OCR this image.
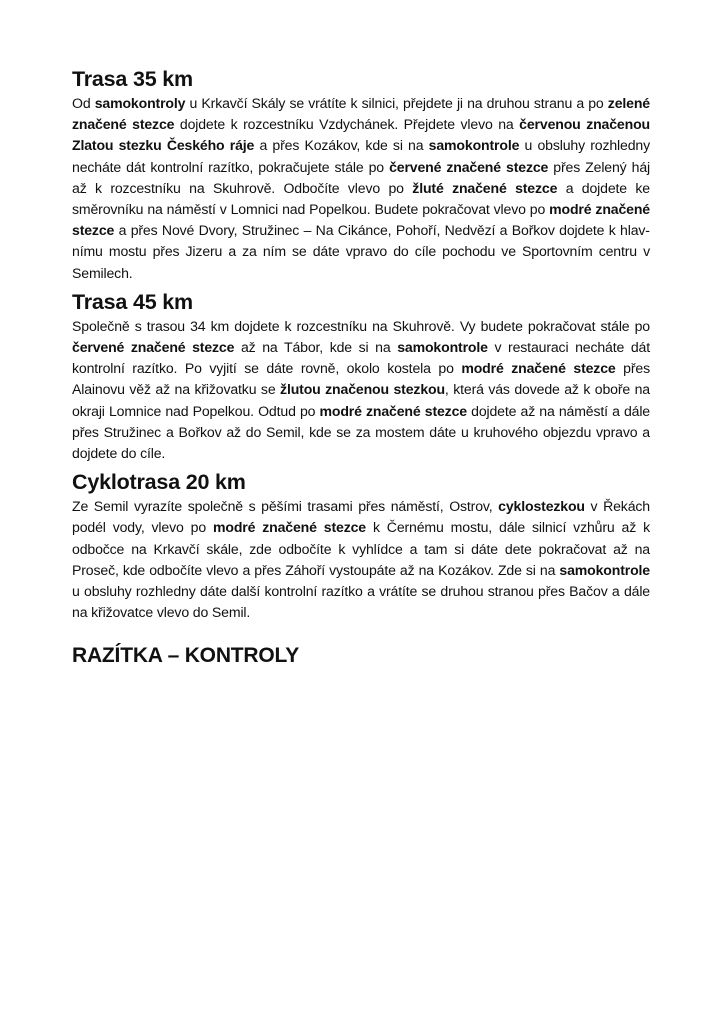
Trasa 35 km

Od samokontroly u Krkavčí Skály se vrátíte k silnici, přejdete ji na druhou stranu a po zelené značené stezce dojdete k rozcestníku Vzdychánek. Přejdete vlevo na červenou značenou Zlatou stezku Českého ráje a přes Kozákov, kde si na samokontrole u obsluhy rozhledny necháte dát kontrolní razítko, pokračujete stále po červené značené stezce přes Zelený háj až k rozcestníku na Skuhrově. Odbočíte vlevo po žluté značené stezce a dojdete ke směrovníku na náměstí v Lomnici nad Popelkou. Budete pokračovat vlevo po modré značené stezce a přes Nové Dvory, Stružinec – Na Cikánce, Pohoří, Nedvězí a Bořkov dojdete k hlavnímu mostu přes Jizeru a za ním se dáte vpravo do cíle pochodu ve Sportovním centru v Semilech.

Trasa 45 km

Společně s trasou 34 km dojdete k rozcestníku na Skuhrově. Vy budete pokračovat stále po červené značené stezce až na Tábor, kde si na samokontrole v restauraci necháte dát kontrolní razítko. Po vyjití se dáte rovně, okolo kostela po modré značené stezce přes Alainovu věž až na křižovatku se žlutou značenou stezkou, která vás dovede až k oboře na okraji Lomnice nad Popelkou. Odtud po modré značené stezce dojdete až na náměstí a dále přes Stružinec a Bořkov až do Semil, kde se za mostem dáte u kruhového objezdu vpravo a dojdete do cíle.

Cyklotrasa 20 km

Ze Semil vyrazíte společně s pěšími trasami přes náměstí, Ostrov, cyklostezkou v Řekách podél vody, vlevo po modré značené stezce k Černému mostu, dále silnicí vzhůru až k odbočce na Krkavčí skále, zde odbočíte k vyhlídce a tam si dáte dete pokračovat až na Proseč, kde odbočíte vlevo a přes Záhoří vystoupáte až na Kozákov. Zde si na samokontrole u obsluhy rozhledny dáte další kontrolní razítko a vrátíte se druhou stranou přes Bačov a dále na křižovatce vlevo do Semil.

RAZÍTKA – KONTROLY
